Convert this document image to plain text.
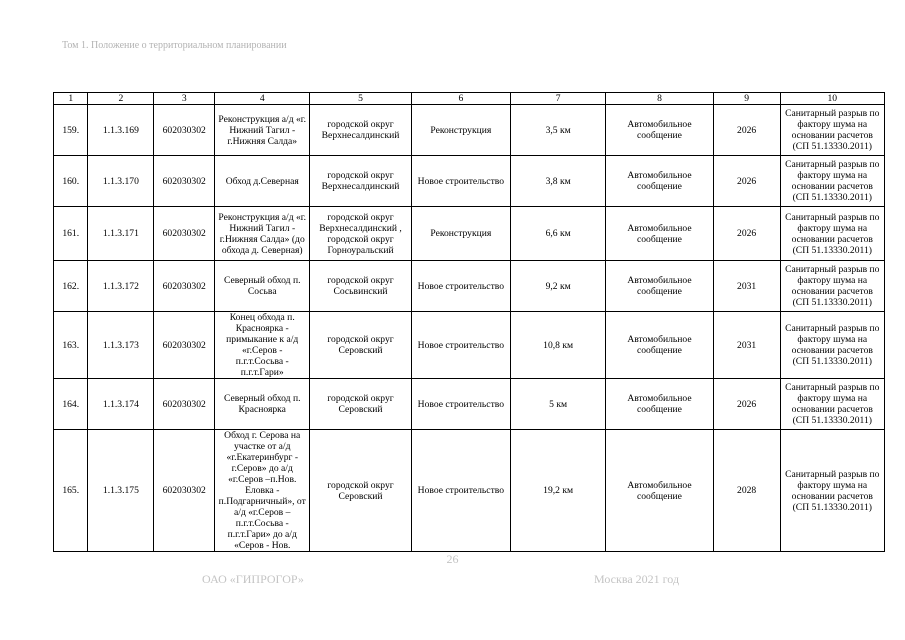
Том 1. Положение о территориальном планировании
1	2	3	4	5	6	7	8	9	10
159.	1.1.3.169	602030302	Реконструкция а/д «г. Нижний Тагил - г.Нижняя Салда»	городской округ Верхнесалдинский	Реконструкция	3,5 км	Автомобильное сообщение	2026	Санитарный разрыв по фактору шума на основании расчетов (СП 51.13330.2011)
160.	1.1.3.170	602030302	Обход д.Северная	городской округ Верхнесалдинский	Новое строительство	3,8 км	Автомобильное сообщение	2026	Санитарный разрыв по фактору шума на основании расчетов (СП 51.13330.2011)
161.	1.1.3.171	602030302	Реконструкция а/д «г. Нижний Тагил - г.Нижняя Салда» (до обхода д. Северная)	городской округ Верхнесалдинский , городской округ Горноуральский	Реконструкция	6,6 км	Автомобильное сообщение	2026	Санитарный разрыв по фактору шума на основании расчетов (СП 51.13330.2011)
162.	1.1.3.172	602030302	Северный обход п. Сосьва	городской округ Сосьвинский	Новое строительство	9,2 км	Автомобильное сообщение	2031	Санитарный разрыв по фактору шума на основании расчетов (СП 51.13330.2011)
163.	1.1.3.173	602030302	Конец обхода п. Красноярка - примыкание к а/д «г.Серов - п.г.т.Сосьва - п.г.т.Гари»	городской округ Серовский	Новое строительство	10,8 км	Автомобильное сообщение	2031	Санитарный разрыв по фактору шума на основании расчетов (СП 51.13330.2011)
164.	1.1.3.174	602030302	Северный обход п. Красноярка	городской округ Серовский	Новое строительство	5 км	Автомобильное сообщение	2026	Санитарный разрыв по фактору шума на основании расчетов (СП 51.13330.2011)
165.	1.1.3.175	602030302	Обход г. Серова на участке от а/д «г.Екатеринбург - г.Серов» до а/д «г.Серов –п.Нов. Еловка - п.Подгарничный», от а/д «г.Серов – п.г.т.Сосьва - п.г.т.Гари» до а/д «Серов - Нов.	городской округ Серовский	Новое строительство	19,2 км	Автомобильное сообщение	2028	Санитарный разрыв по фактору шума на основании расчетов (СП 51.13330.2011)
26
ОАО «ГИПРОГОР»	Москва 2021 год
